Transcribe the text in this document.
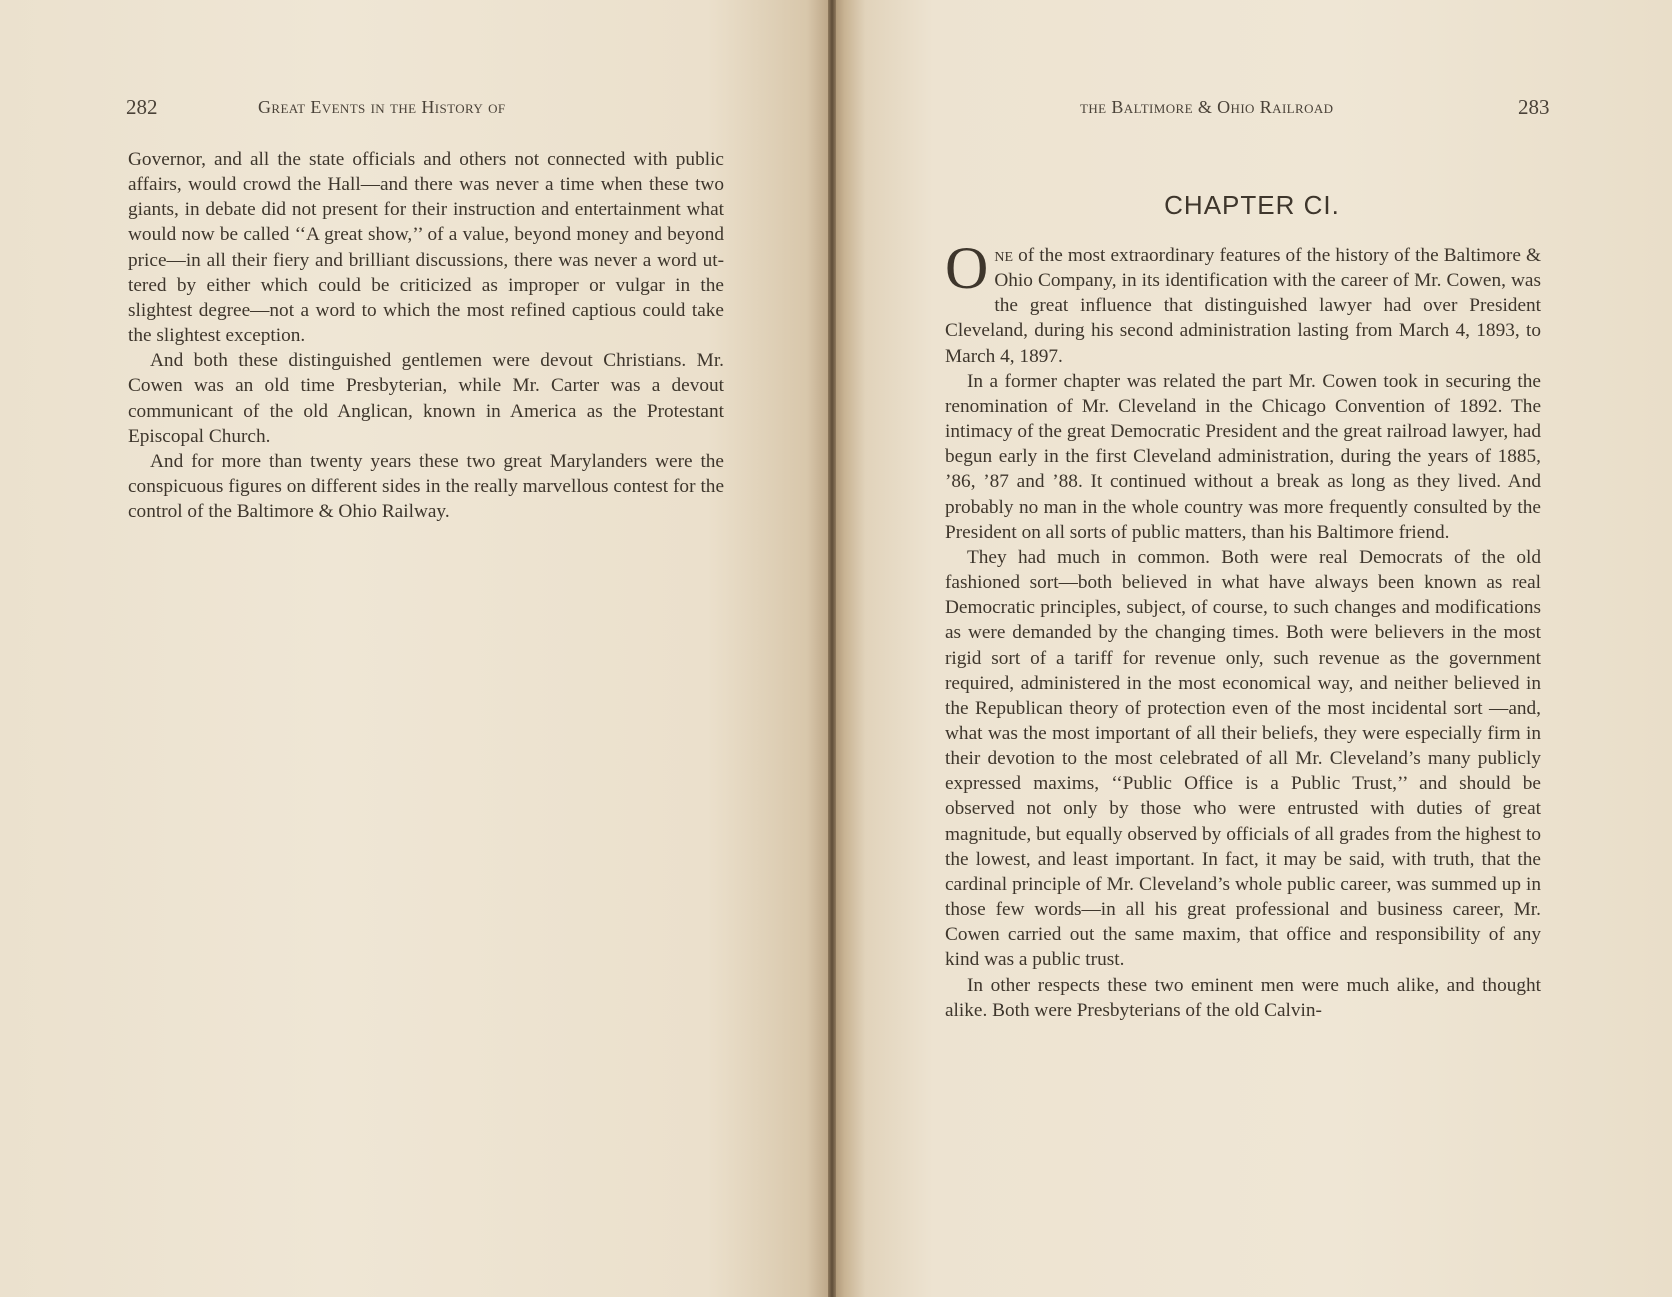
282	Great Events in the History of

Governor, and all the state officials and others not connected with public affairs, would crowd the Hall—and there was never a time when these two giants, in debate did not present for their instruction and entertainment what would now be called ‘‘A great show,’’ of a value, beyond money and beyond price—in all their fiery and brilliant discussions, there was never a word uttered by either which could be criticized as improper or vulgar in the slightest degree—not a word to which the most refined captious could take the slightest exception.

And both these distinguished gentlemen were devout Christians. Mr. Cowen was an old time Presbyterian, while Mr. Carter was a devout communicant of the old Anglican, known in America as the Protestant Episcopal Church.

And for more than twenty years these two great Marylanders were the conspicuous figures on different sides in the really marvellous contest for the control of the Baltimore & Ohio Railway.

the Baltimore & Ohio Railroad	283
CHAPTER CI.

One of the most extraordinary features of the history of the Baltimore & Ohio Company, in its identification with the career of Mr. Cowen, was the great influence that distinguished lawyer had over President Cleveland, during his second administration lasting from March 4, 1893, to March 4, 1897.

In a former chapter was related the part Mr. Cowen took in securing the renomination of Mr. Cleveland in the Chicago Convention of 1892. The intimacy of the great Democratic President and the great railroad lawyer, had begun early in the first Cleveland administration, during the years of 1885, ’86, ’87 and ’88. It continued without a break as long as they lived. And probably no man in the whole country was more frequently consulted by the President on all sorts of public matters, than his Baltimore friend.

They had much in common. Both were real Democrats of the old fashioned sort—both believed in what have always been known as real Democratic principles, subject, of course, to such changes and modifications as were demanded by the changing times. Both were believers in the most rigid sort of a tariff for revenue only, such revenue as the government required, administered in the most economical way, and neither believed in the Republican theory of protection even of the most incidental sort —and, what was the most important of all their beliefs, they were especially firm in their devotion to the most celebrated of all Mr. Cleveland’s many publicly expressed maxims, ‘‘Public Office is a Public Trust,’’ and should be observed not only by those who were entrusted with duties of great magnitude, but equally observed by officials of all grades from the highest to the lowest, and least important. In fact, it may be said, with truth, that the cardinal principle of Mr. Cleveland’s whole public career, was summed up in those few words—in all his great professional and business career, Mr. Cowen carried out the same maxim, that office and responsibility of any kind was a public trust.

In other respects these two eminent men were much alike, and thought alike. Both were Presbyterians of the old Calvin-
